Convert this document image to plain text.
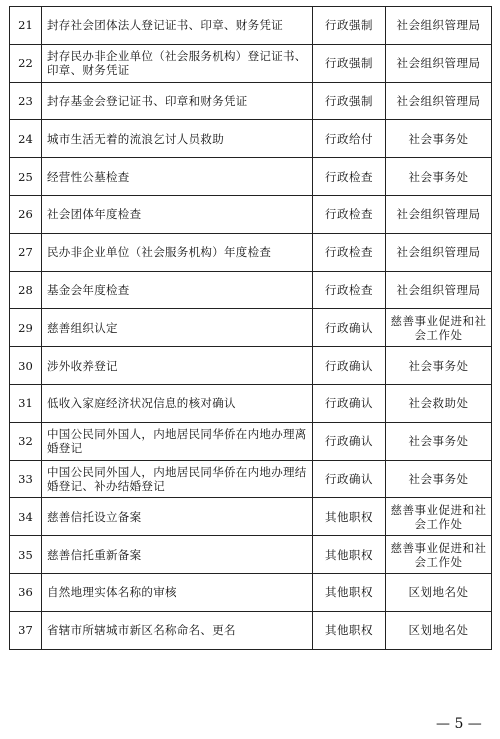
21	封存社会团体法人登记证书、印章、财务凭证	行政强制	社会组织管理局
22	封存民办非企业单位（社会服务机构）登记证书、印章、财务凭证	行政强制	社会组织管理局
23	封存基金会登记证书、印章和财务凭证	行政强制	社会组织管理局
24	城市生活无着的流浪乞讨人员救助	行政给付	社会事务处
25	经营性公墓检查	行政检查	社会事务处
26	社会团体年度检查	行政检查	社会组织管理局
27	民办非企业单位（社会服务机构）年度检查	行政检查	社会组织管理局
28	基金会年度检查	行政检查	社会组织管理局
29	慈善组织认定	行政确认	慈善事业促进和社会工作处
30	涉外收养登记	行政确认	社会事务处
31	低收入家庭经济状况信息的核对确认	行政确认	社会救助处
32	中国公民同外国人，内地居民同华侨在内地办理离婚登记	行政确认	社会事务处
33	中国公民同外国人，内地居民同华侨在内地办理结婚登记、补办结婚登记	行政确认	社会事务处
34	慈善信托设立备案	其他职权	慈善事业促进和社会工作处
35	慈善信托重新备案	其他职权	慈善事业促进和社会工作处
36	自然地理实体名称的审核	其他职权	区划地名处
37	省辖市所辖城市新区名称命名、更名	其他职权	区划地名处
— 5 —
